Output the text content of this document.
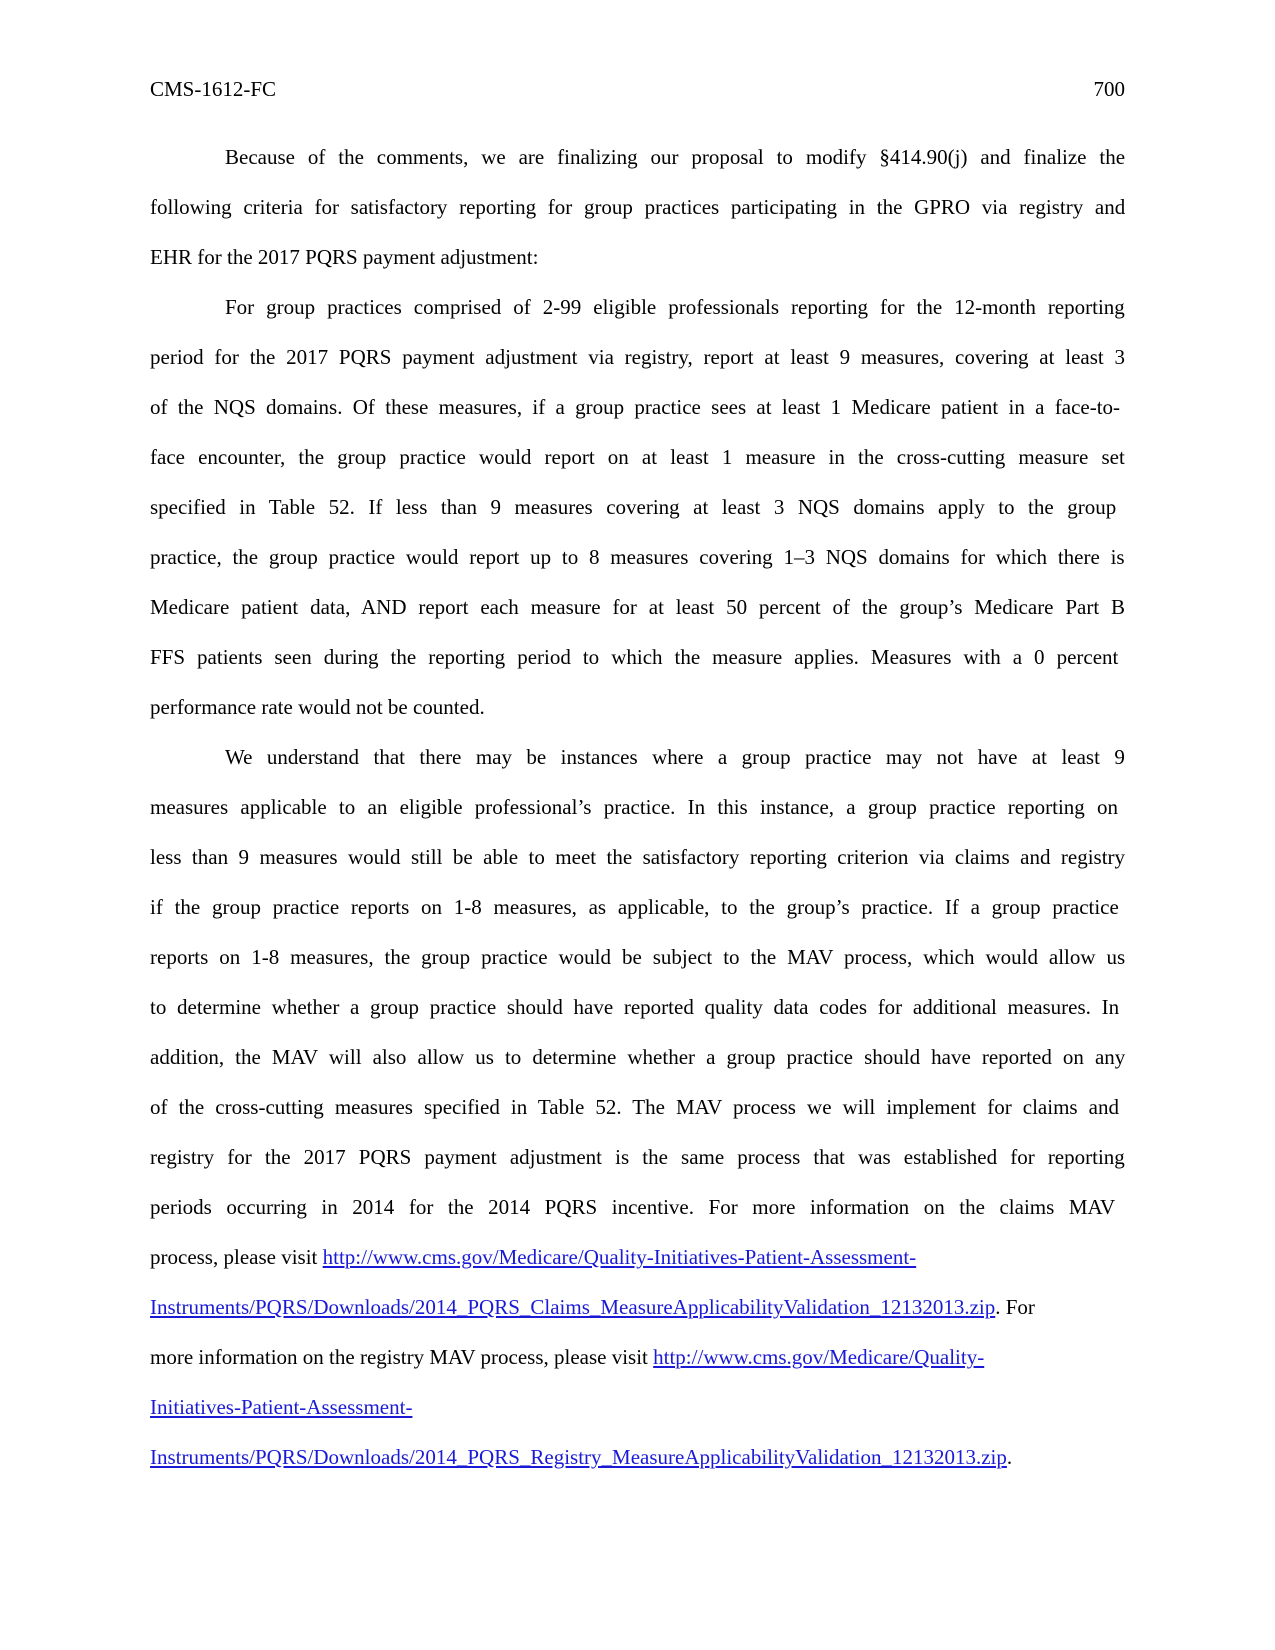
CMS-1612-FC	700
Because of the comments, we are finalizing our proposal to modify §414.90(j) and finalize the
following criteria for satisfactory reporting for group practices participating in the GPRO via registry and
EHR for the 2017 PQRS payment adjustment:
For group practices comprised of 2-99 eligible professionals reporting for the 12-month reporting
period for the 2017 PQRS payment adjustment via registry, report at least 9 measures, covering at least 3
of the NQS domains. Of these measures, if a group practice sees at least 1 Medicare patient in a face-to-
face encounter, the group practice would report on at least 1 measure in the cross-cutting measure set
specified in Table 52. If less than 9 measures covering at least 3 NQS domains apply to the group
practice, the group practice would report up to 8 measures covering 1–3 NQS domains for which there is
Medicare patient data, AND report each measure for at least 50 percent of the group’s Medicare Part B
FFS patients seen during the reporting period to which the measure applies. Measures with a 0 percent
performance rate would not be counted.
We understand that there may be instances where a group practice may not have at least 9
measures applicable to an eligible professional’s practice. In this instance, a group practice reporting on
less than 9 measures would still be able to meet the satisfactory reporting criterion via claims and registry
if the group practice reports on 1-8 measures, as applicable, to the group’s practice. If a group practice
reports on 1-8 measures, the group practice would be subject to the MAV process, which would allow us
to determine whether a group practice should have reported quality data codes for additional measures. In
addition, the MAV will also allow us to determine whether a group practice should have reported on any
of the cross-cutting measures specified in Table 52. The MAV process we will implement for claims and
registry for the 2017 PQRS payment adjustment is the same process that was established for reporting
periods occurring in 2014 for the 2014 PQRS incentive. For more information on the claims MAV
process, please visit http://www.cms.gov/Medicare/Quality-Initiatives-Patient-Assessment-
Instruments/PQRS/Downloads/2014_PQRS_Claims_MeasureApplicabilityValidation_12132013.zip. For
more information on the registry MAV process, please visit http://www.cms.gov/Medicare/Quality-
Initiatives-Patient-Assessment-
Instruments/PQRS/Downloads/2014_PQRS_Registry_MeasureApplicabilityValidation_12132013.zip.
